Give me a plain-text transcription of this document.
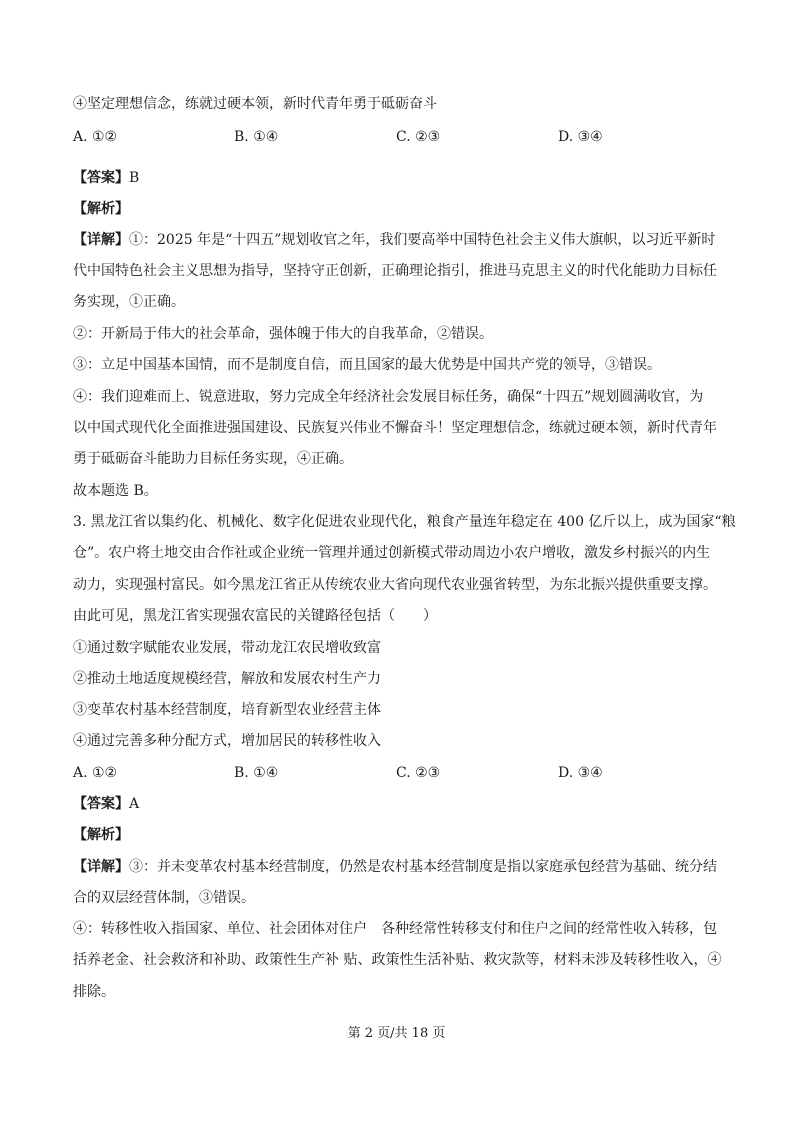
④坚定理想信念，练就过硬本领，新时代青年勇于砥砺奋斗
A. ①②	B. ①④	C. ②③	D. ③④
【答案】B
【解析】
【详解】①：2025 年是“十四五”规划收官之年，我们要高举中国特色社会主义伟大旗帜，以习近平新时
代中国特色社会主义思想为指导，坚持守正创新，正确理论指引，推进马克思主义的时代化能助力目标任
务实现，①正确。
②：开新局于伟大的社会革命，强体魄于伟大的自我革命，②错误。
③：立足中国基本国情，而不是制度自信，而且国家的最大优势是中国共产党的领导，③错误。
④：我们迎难而上、锐意进取，努力完成全年经济社会发展目标任务，确保“十四五”规划圆满收官，为
以中国式现代化全面推进强国建设、民族复兴伟业不懈奋斗！坚定理想信念，练就过硬本领，新时代青年
勇于砥砺奋斗能助力目标任务实现，④正确。
故本题选 B。
3. 黑龙江省以集约化、机械化、数字化促进农业现代化，粮食产量连年稳定在 400 亿斤以上，成为国家“粮
仓”。农户将土地交由合作社或企业统一管理并通过创新模式带动周边小农户增收，激发乡村振兴的内生
动力，实现强村富民。如今黑龙江省正从传统农业大省向现代农业强省转型，为东北振兴提供重要支撑。
由此可见，黑龙江省实现强农富民的关键路径包括（　　）
①通过数字赋能农业发展，带动龙江农民增收致富
②推动土地适度规模经营，解放和发展农村生产力
③变革农村基本经营制度，培育新型农业经营主体
④通过完善多种分配方式，增加居民的转移性收入
A. ①②	B. ①④	C. ②③	D. ③④
【答案】A
【解析】
【详解】③：并未变革农村基本经营制度，仍然是农村基本经营制度是指以家庭承包经营为基础、统分结
合的双层经营体制，③错误。
④：转移性收入指国家、单位、社会团体对住户　各种经常性转移支付和住户之间的经常性收入转移，包
括养老金、社会救济和补助、政策性生产补 贴、政策性生活补贴、救灾款等，材料未涉及转移性收入，④
排除。
第 2 页/共 18 页
